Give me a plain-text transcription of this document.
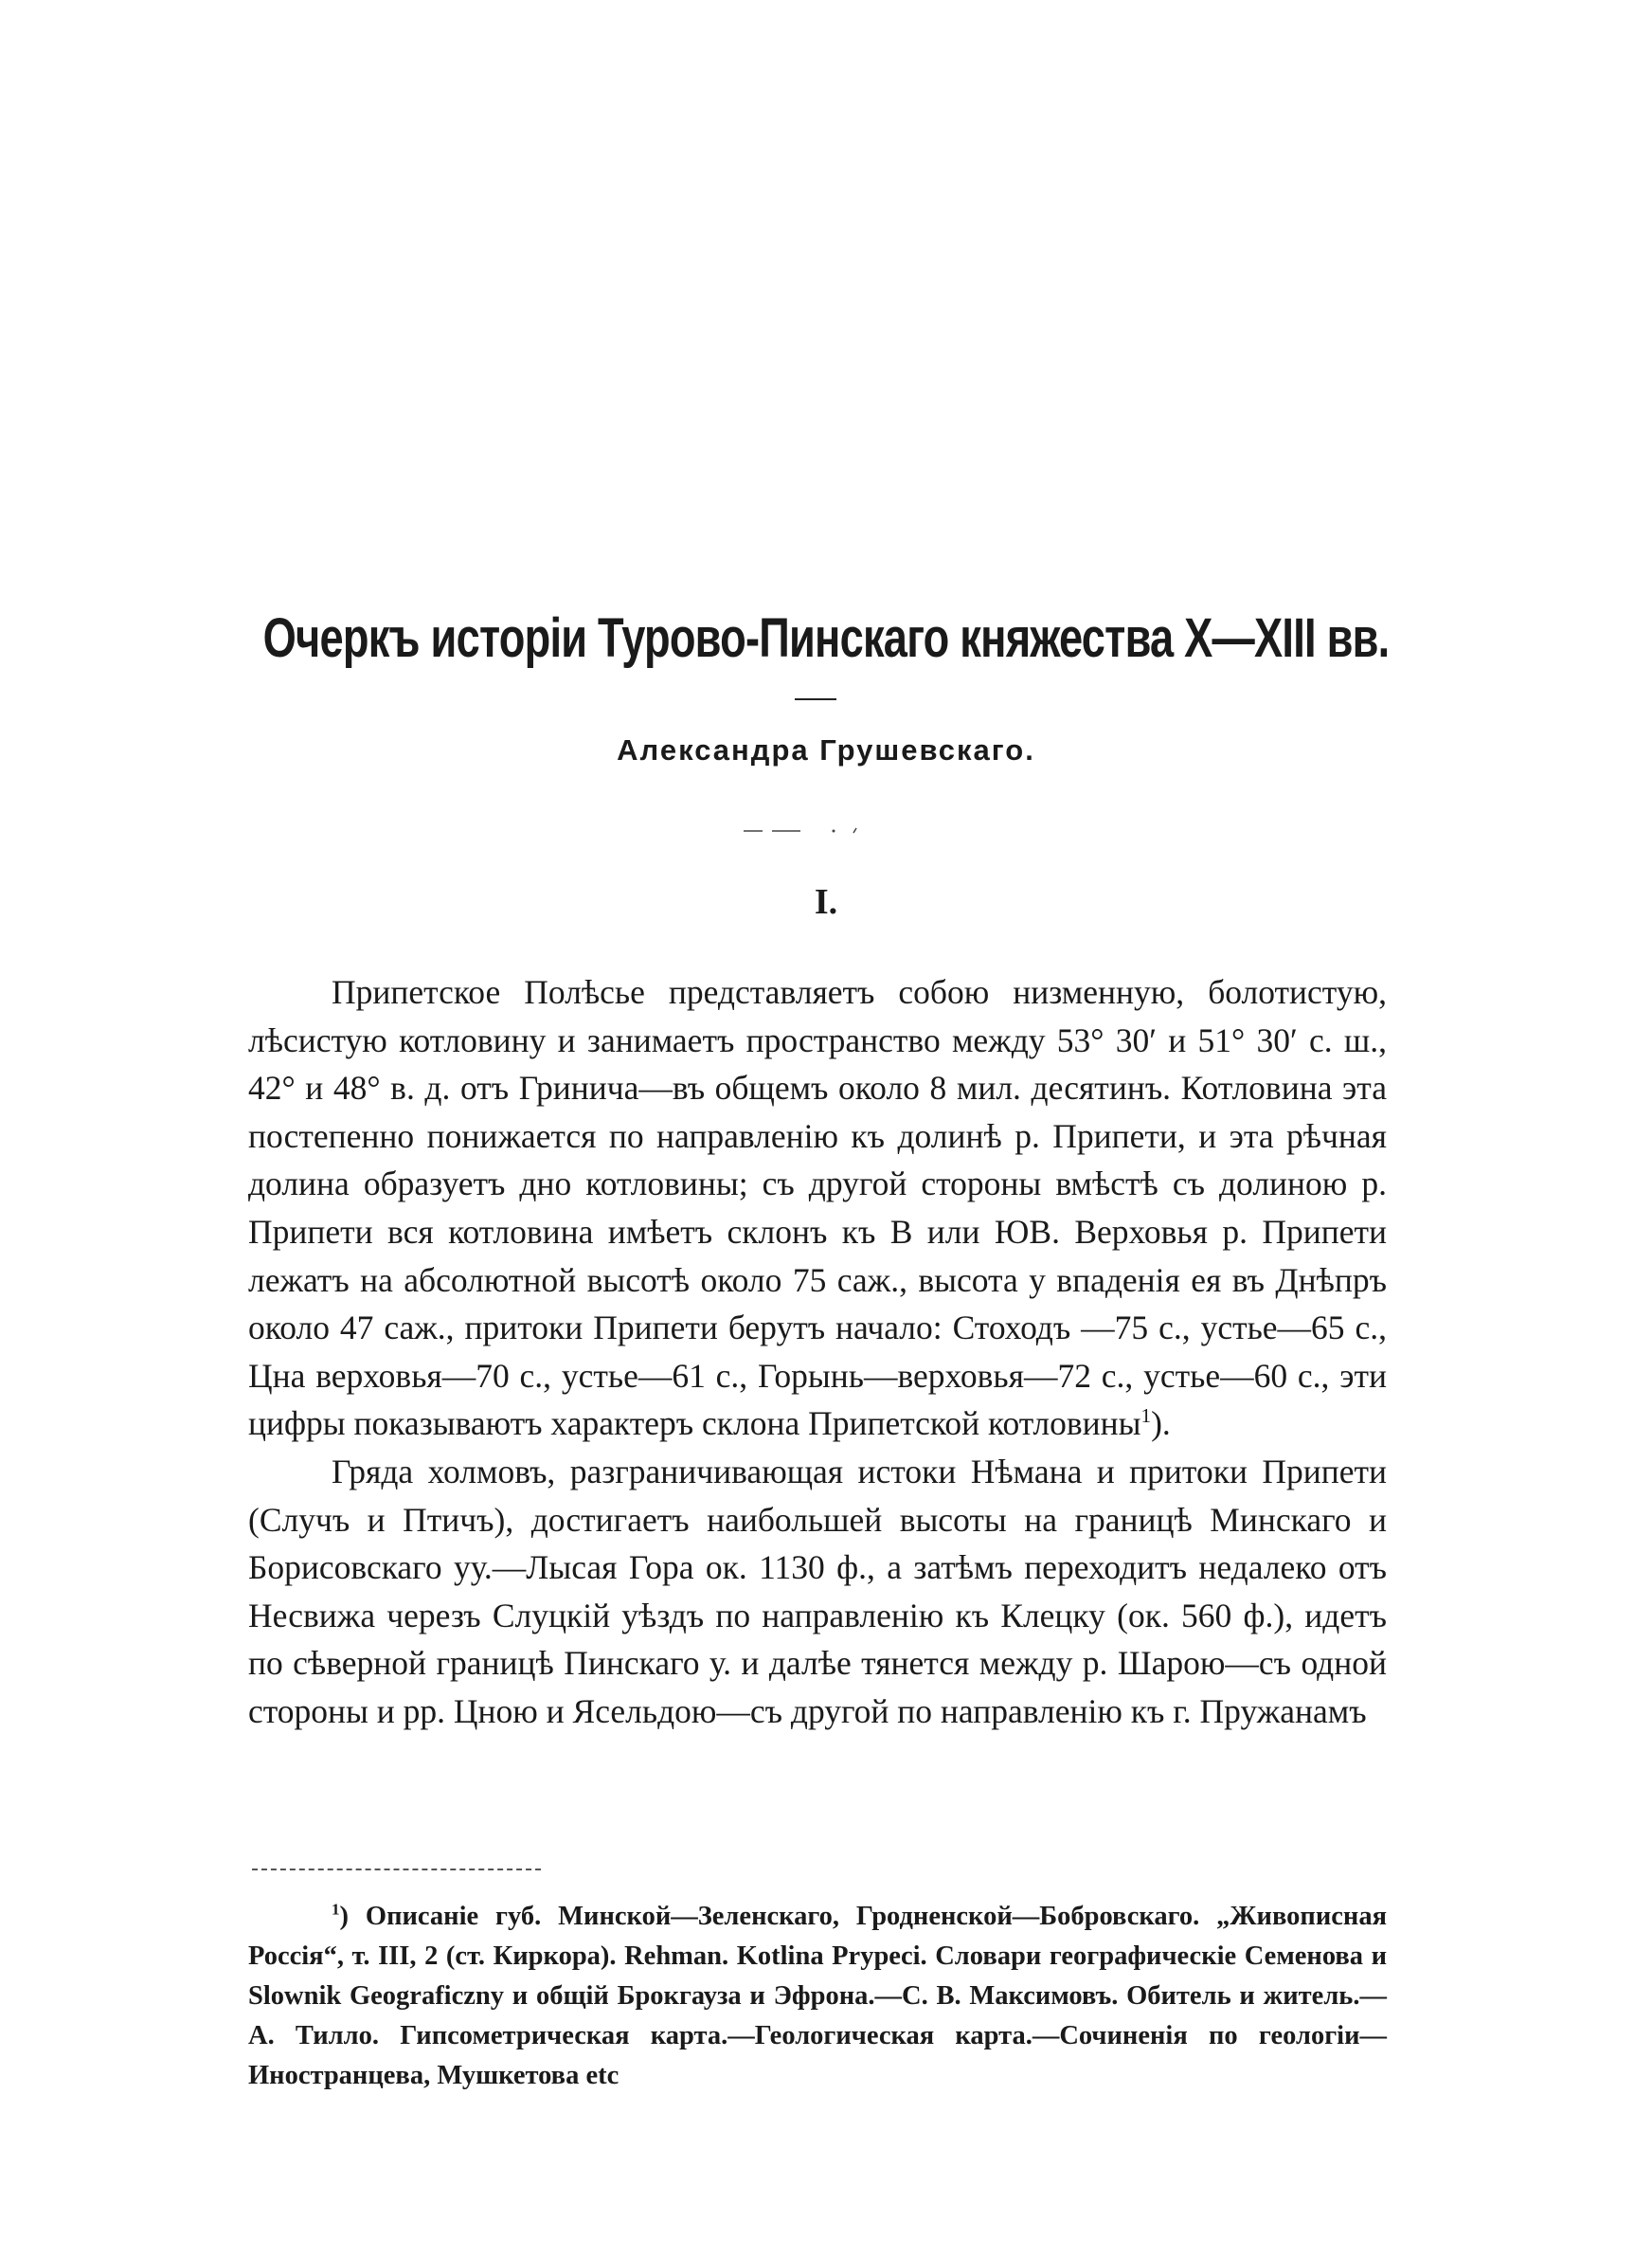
Очеркъ исторіи Турово-Пинскаго княжества X—XIII вв.
Александра Грушевскаго.
I.

Припетское Полѣсье представляетъ собою низменную, болотистую, лѣсистую котловину и занимаетъ пространство между 53° 30′ и 51° 30′ с. ш., 42° и 48° в. д. отъ Гринича—въ общемъ около 8 мил. десятинъ. Котловина эта постепенно понижается по направленію къ долинѣ р. Припети, и эта рѣчная долина образуетъ дно котловины; съ другой стороны вмѣстѣ съ долиною р. Припети вся котловина имѣетъ склонъ къ В или ЮВ. Верховья р. Припети лежатъ на абсолютной высотѣ около 75 саж., высота у впаденія ея въ Днѣпръ около 47 саж., притоки Припети берутъ начало: Стоходъ —75 с., устье—65 с., Цна верховья—70 с., устье—61 с., Горынь—верховья—72 с., устье—60 с., эти цифры показываютъ характеръ склона Припетской котловины$^1$).

Гряда холмовъ, разграничивающая истоки Нѣмана и притоки Припети (Случъ и Птичъ), достигаетъ наибольшей высоты на границѣ Минскаго и Борисовскаго уу.—Лысая Гора ок. 1130 ф., а затѣмъ переходитъ недалеко отъ Несвижа черезъ Слуцкій уѣздъ по направленію къ Клецку (ок. 560 ф.), идетъ по сѣверной границѣ Пинскаго у. и далѣе тянется между р. Шарою—съ одной стороны и рр. Цною и Ясельдою—съ другой по направленію къ г. Пружанамъ

$^1$) Описаніе губ. Минской—Зеленскаго, Гродненской—Бобровскаго. „Живописная Россія“, т. III, 2 (ст. Киркора). Rehman. Kotlina Prypeci. Словари географическіе Семенова и Slownik Geograficzny и общій Брокгауза и Эфрона.—С. В. Максимовъ. Обитель и житель.—А. Тилло. Гипсометрическая карта.—Геологическая карта.—Сочиненія по геологіи—Иностранцева, Мушкетова etc
